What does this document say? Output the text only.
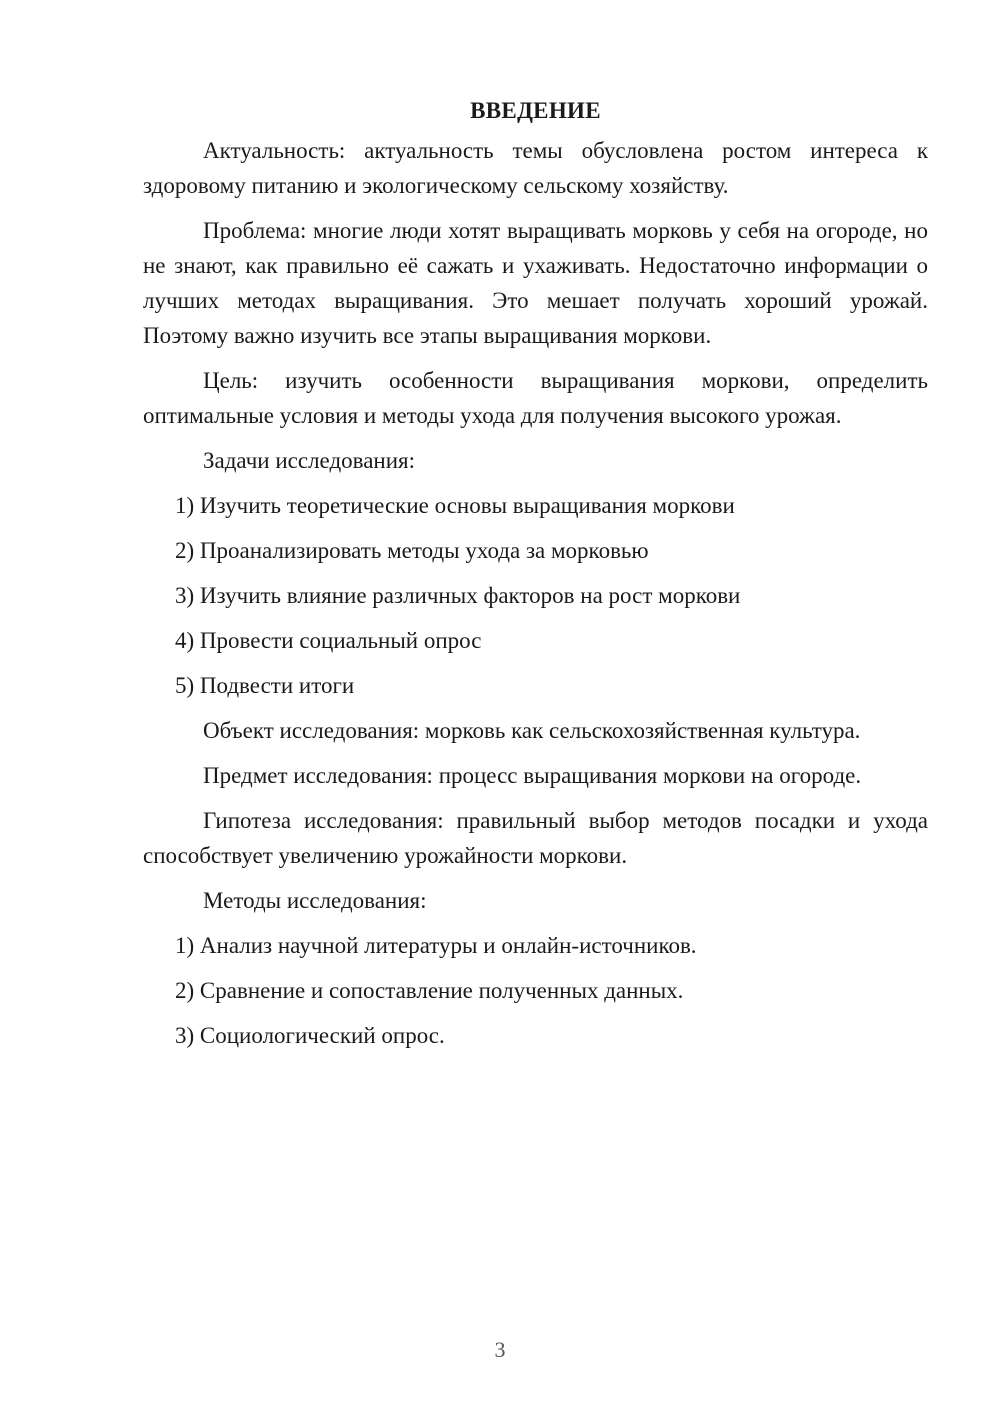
ВВЕДЕНИЕ
Актуальность: актуальность темы обусловлена ростом интереса к здоровому питанию и экологическому сельскому хозяйству.
Проблема: многие люди хотят выращивать морковь у себя на огороде, но не знают, как правильно её сажать и ухаживать. Недостаточно информации о лучших методах выращивания. Это мешает получать хороший урожай. Поэтому важно изучить все этапы выращивания моркови.
Цель: изучить особенности выращивания моркови, определить оптимальные условия и методы ухода для получения высокого урожая.
Задачи исследования:
1) Изучить теоретические основы выращивания моркови
2) Проанализировать методы ухода за морковью
3) Изучить влияние различных факторов на рост моркови
4) Провести социальный опрос
5) Подвести итоги
Объект исследования: морковь как сельскохозяйственная культура.
Предмет исследования: процесс выращивания моркови на огороде.
Гипотеза исследования: правильный выбор методов посадки и ухода способствует увеличению урожайности моркови.
Методы исследования:
1) Анализ научной литературы и онлайн-источников.
2) Сравнение и сопоставление полученных данных.
3) Социологический опрос.
3
